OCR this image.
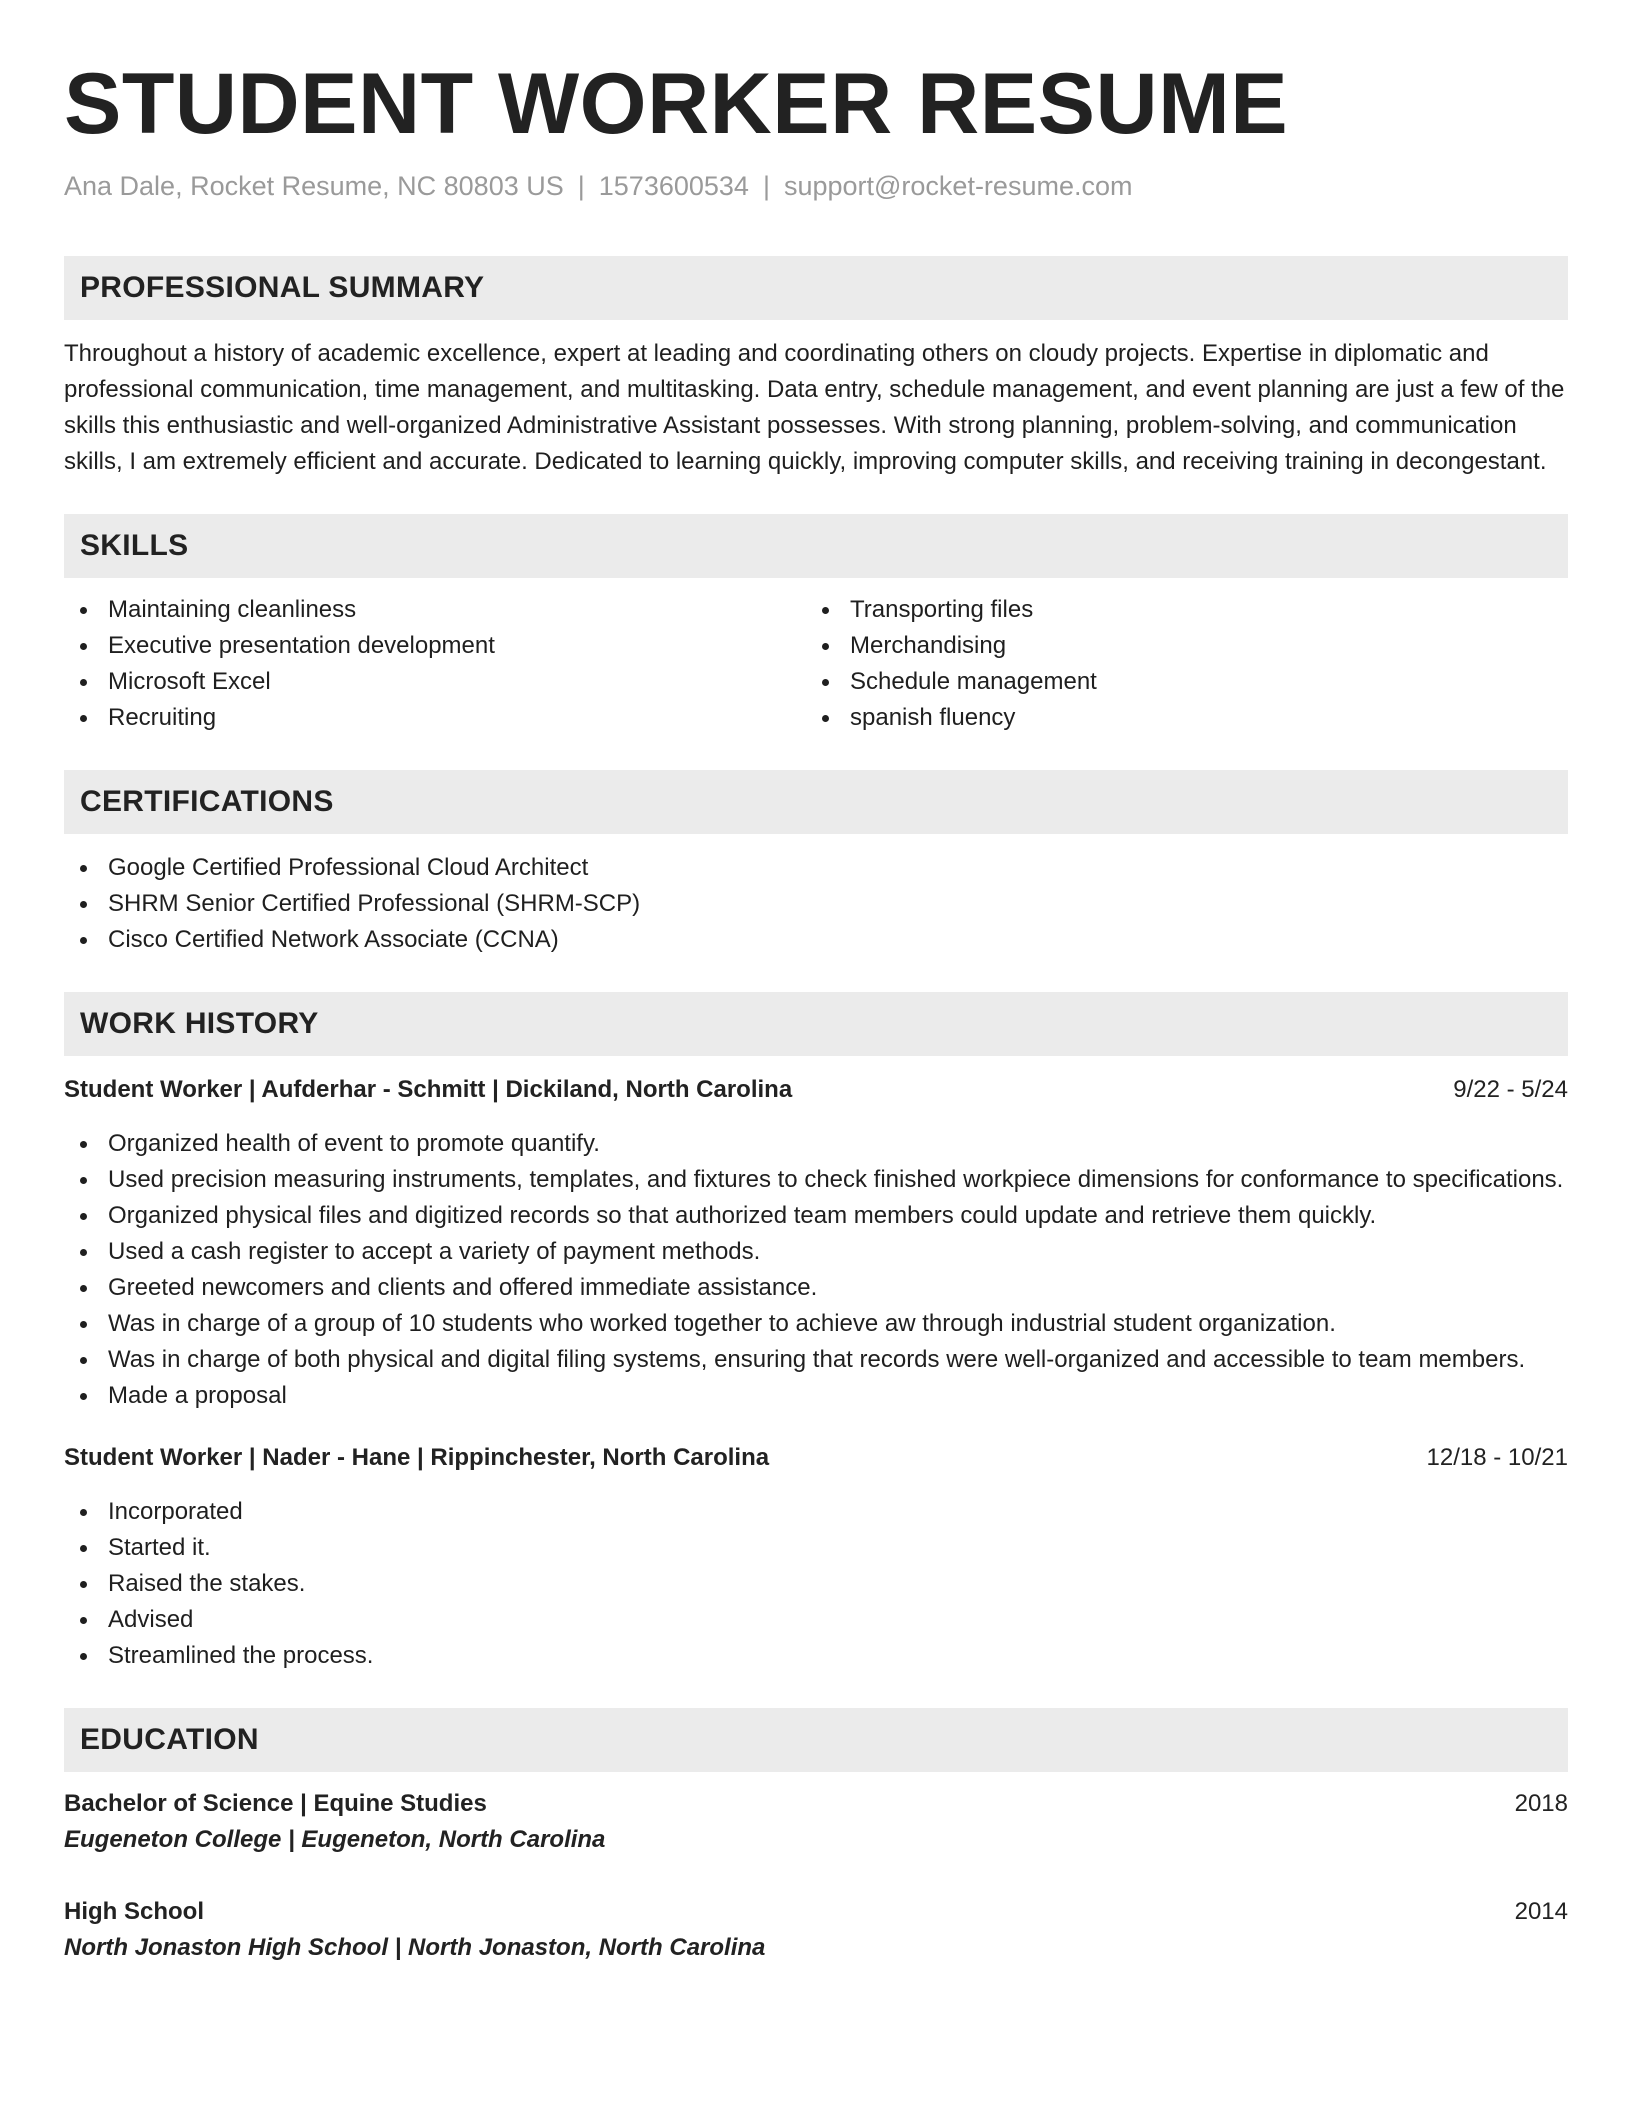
STUDENT WORKER RESUME
Ana Dale, Rocket Resume, NC 80803 US | 1573600534 | support@rocket-resume.com
PROFESSIONAL SUMMARY

Throughout a history of academic excellence, expert at leading and coordinating others on cloudy projects. Expertise in diplomatic and professional communication, time management, and multitasking. Data entry, schedule management, and event planning are just a few of the skills this enthusiastic and well-organized Administrative Assistant possesses. With strong planning, problem-solving, and communication skills, I am extremely efficient and accurate. Dedicated to learning quickly, improving computer skills, and receiving training in decongestant.

SKILLS
Maintaining cleanliness
Executive presentation development
Microsoft Excel
Recruiting
Transporting files
Merchandising
Schedule management
spanish fluency
CERTIFICATIONS
Google Certified Professional Cloud Architect
SHRM Senior Certified Professional (SHRM-SCP)
Cisco Certified Network Associate (CCNA)
WORK HISTORY
Student Worker | Aufderhar - Schmitt | Dickiland, North Carolina	9/22 - 5/24
Organized health of event to promote quantify.
Used precision measuring instruments, templates, and fixtures to check finished workpiece dimensions for conformance to specifications.
Organized physical files and digitized records so that authorized team members could update and retrieve them quickly.
Used a cash register to accept a variety of payment methods.
Greeted newcomers and clients and offered immediate assistance.
Was in charge of a group of 10 students who worked together to achieve aw through industrial student organization.
Was in charge of both physical and digital filing systems, ensuring that records were well-organized and accessible to team members.
Made a proposal
Student Worker | Nader - Hane | Rippinchester, North Carolina	12/18 - 10/21
Incorporated
Started it.
Raised the stakes.
Advised
Streamlined the process.
EDUCATION
Bachelor of Science | Equine Studies	2018
Eugeneton College | Eugeneton, North Carolina
High School	2014
North Jonaston High School | North Jonaston, North Carolina
